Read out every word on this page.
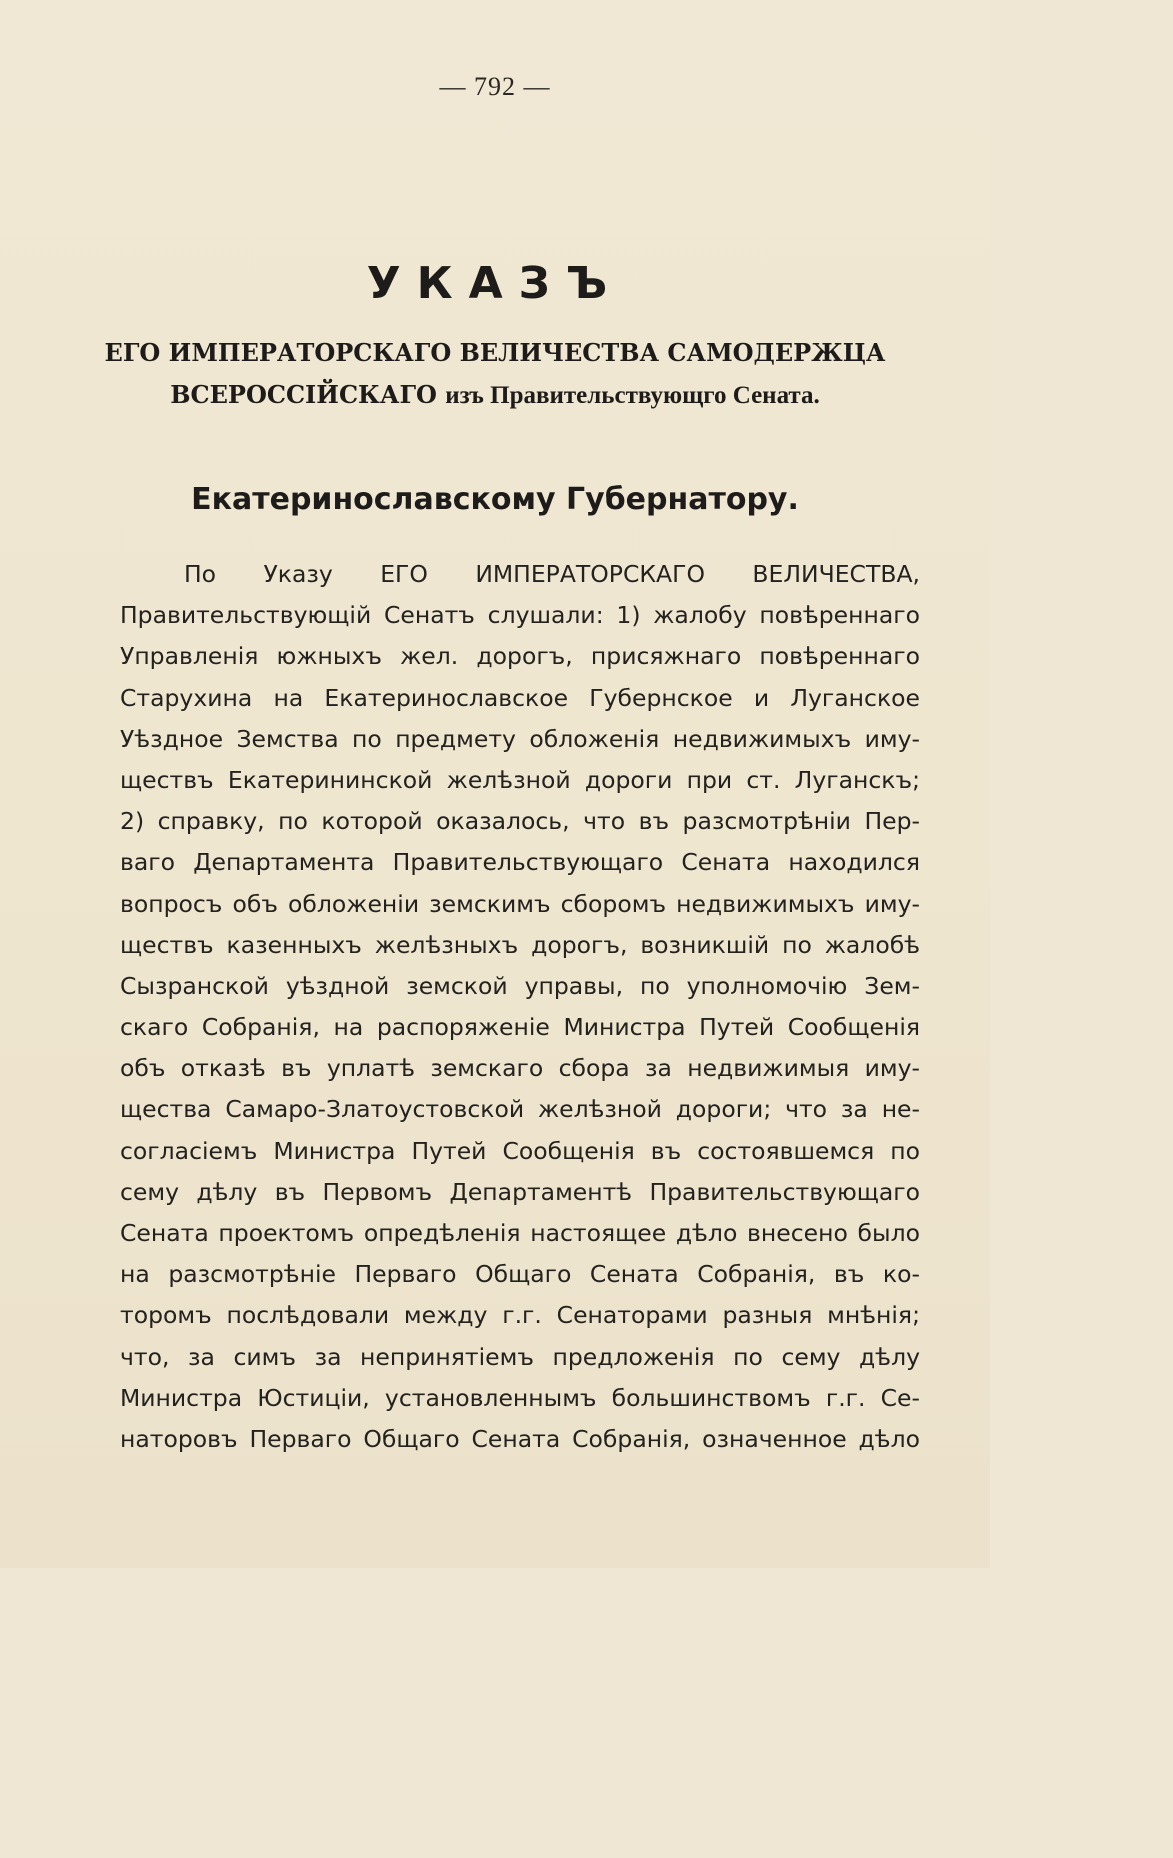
— 792 —
УКАЗЪ
ЕГО ИМПЕРАТОРСКАГО ВЕЛИЧЕСТВА САМОДЕРЖЦА
ВСЕРОССІЙСКАГО изъ Правительствующго Сената.
Екатеринославскому Губернатору.
По Указу ЕГО ИМПЕРАТОРСКАГО ВЕЛИЧЕСТВА,
Правительствующій Сенатъ слушали: 1) жалобу повѣреннаго
Управленія южныхъ жел. дорогъ, присяжнаго повѣреннаго
Старухина на Екатеринославское Губернское и Луганское
Уѣздное Земства по предмету обложенія недвижимыхъ иму-
ществъ Екатерининской желѣзной дороги при ст. Луганскъ;
2) справку, по которой оказалось, что въ разсмотрѣніи Пер-
ваго Департамента Правительствующаго Сената находился
вопросъ объ обложеніи земскимъ сборомъ недвижимыхъ иму-
ществъ казенныхъ желѣзныхъ дорогъ, возникшій по жалобѣ
Сызранской уѣздной земской управы, по уполномочію Зем-
скаго Собранія, на распоряженіе Министра Путей Сообщенія
объ отказѣ въ уплатѣ земскаго сбора за недвижимыя иму-
щества Самаро-Златоустовской желѣзной дороги; что за не-
согласіемъ Министра Путей Сообщенія въ состоявшемся по
сему дѣлу въ Первомъ Департаментѣ Правительствующаго
Сената проектомъ опредѣленія настоящее дѣло внесено было
на разсмотрѣніе Перваго Общаго Сената Собранія, въ ко-
торомъ послѣдовали между г.г. Сенаторами разныя мнѣнія;
что, за симъ за непринятіемъ предложенія по сему дѣлу
Министра Юстиціи, установленнымъ большинствомъ г.г. Се-
наторовъ Перваго Общаго Сената Собранія, означенное дѣло
